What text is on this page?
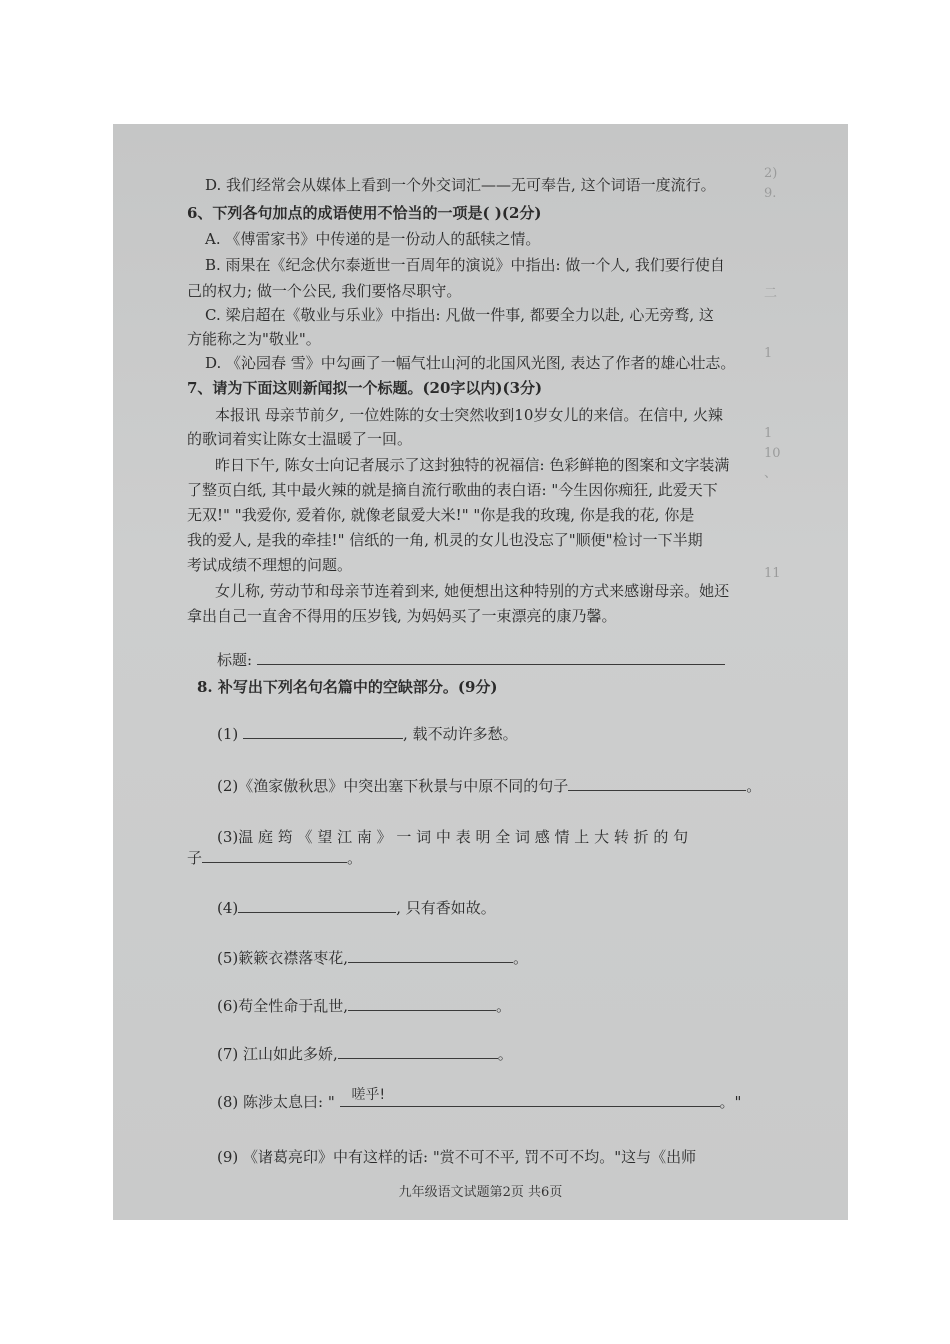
2)
9.

二

1

1
10
、

11

D. 我们经常会从媒体上看到一个外交词汇——无可奉告, 这个词语一度流行。
6、下列各句加点的成语使用不恰当的一项是( )(2分)
A. 《傅雷家书》中传递的是一份动人的舐犊之情。
B. 雨果在《纪念伏尔泰逝世一百周年的演说》中指出: 做一个人, 我们要行使自
己的权力; 做一个公民, 我们要恪尽职守。
C. 梁启超在《敬业与乐业》中指出: 凡做一件事, 都要全力以赴, 心无旁骛, 这
方能称之为"敬业"。
D. 《沁园春 雪》中勾画了一幅气壮山河的北国风光图, 表达了作者的雄心壮志。
7、请为下面这则新闻拟一个标题。(20字以内)(3分)
本报讯 母亲节前夕, 一位姓陈的女士突然收到10岁女儿的来信。在信中, 火辣
的歌词着实让陈女士温暖了一回。
昨日下午, 陈女士向记者展示了这封独特的祝福信: 色彩鲜艳的图案和文字装满
了整页白纸, 其中最火辣的就是摘自流行歌曲的表白语: "今生因你痴狂, 此爱天下
无双!" "我爱你, 爱着你, 就像老鼠爱大米!" "你是我的玫瑰, 你是我的花, 你是
我的爱人, 是我的牵挂!" 信纸的一角, 机灵的女儿也没忘了"顺便"检讨一下半期
考试成绩不理想的问题。
女儿称, 劳动节和母亲节连着到来, 她便想出这种特别的方式来感谢母亲。她还
拿出自己一直舍不得用的压岁钱, 为妈妈买了一束漂亮的康乃馨。
标题:
8. 补写出下列名句名篇中的空缺部分。(9分)
(1)	, 载不动许多愁。
(2)《渔家傲秋思》中突出塞下秋景与中原不同的句子	。
(3)温 庭 筠 《 望 江 南 》 一 词 中 表 明 全 词 感 情 上 大 转 折 的 句
子	。
(4)	, 只有香如故。
(5)簌簌衣襟落枣花,	。
(6)苟全性命于乱世,	。
(7) 江山如此多娇,	。
(8) 陈涉太息曰: " 嗟乎!	。"
(9) 《诸葛亮印》中有这样的话: "赏不可不平, 罚不可不均。"这与《出师
九年级语文试题第2页 共6页
